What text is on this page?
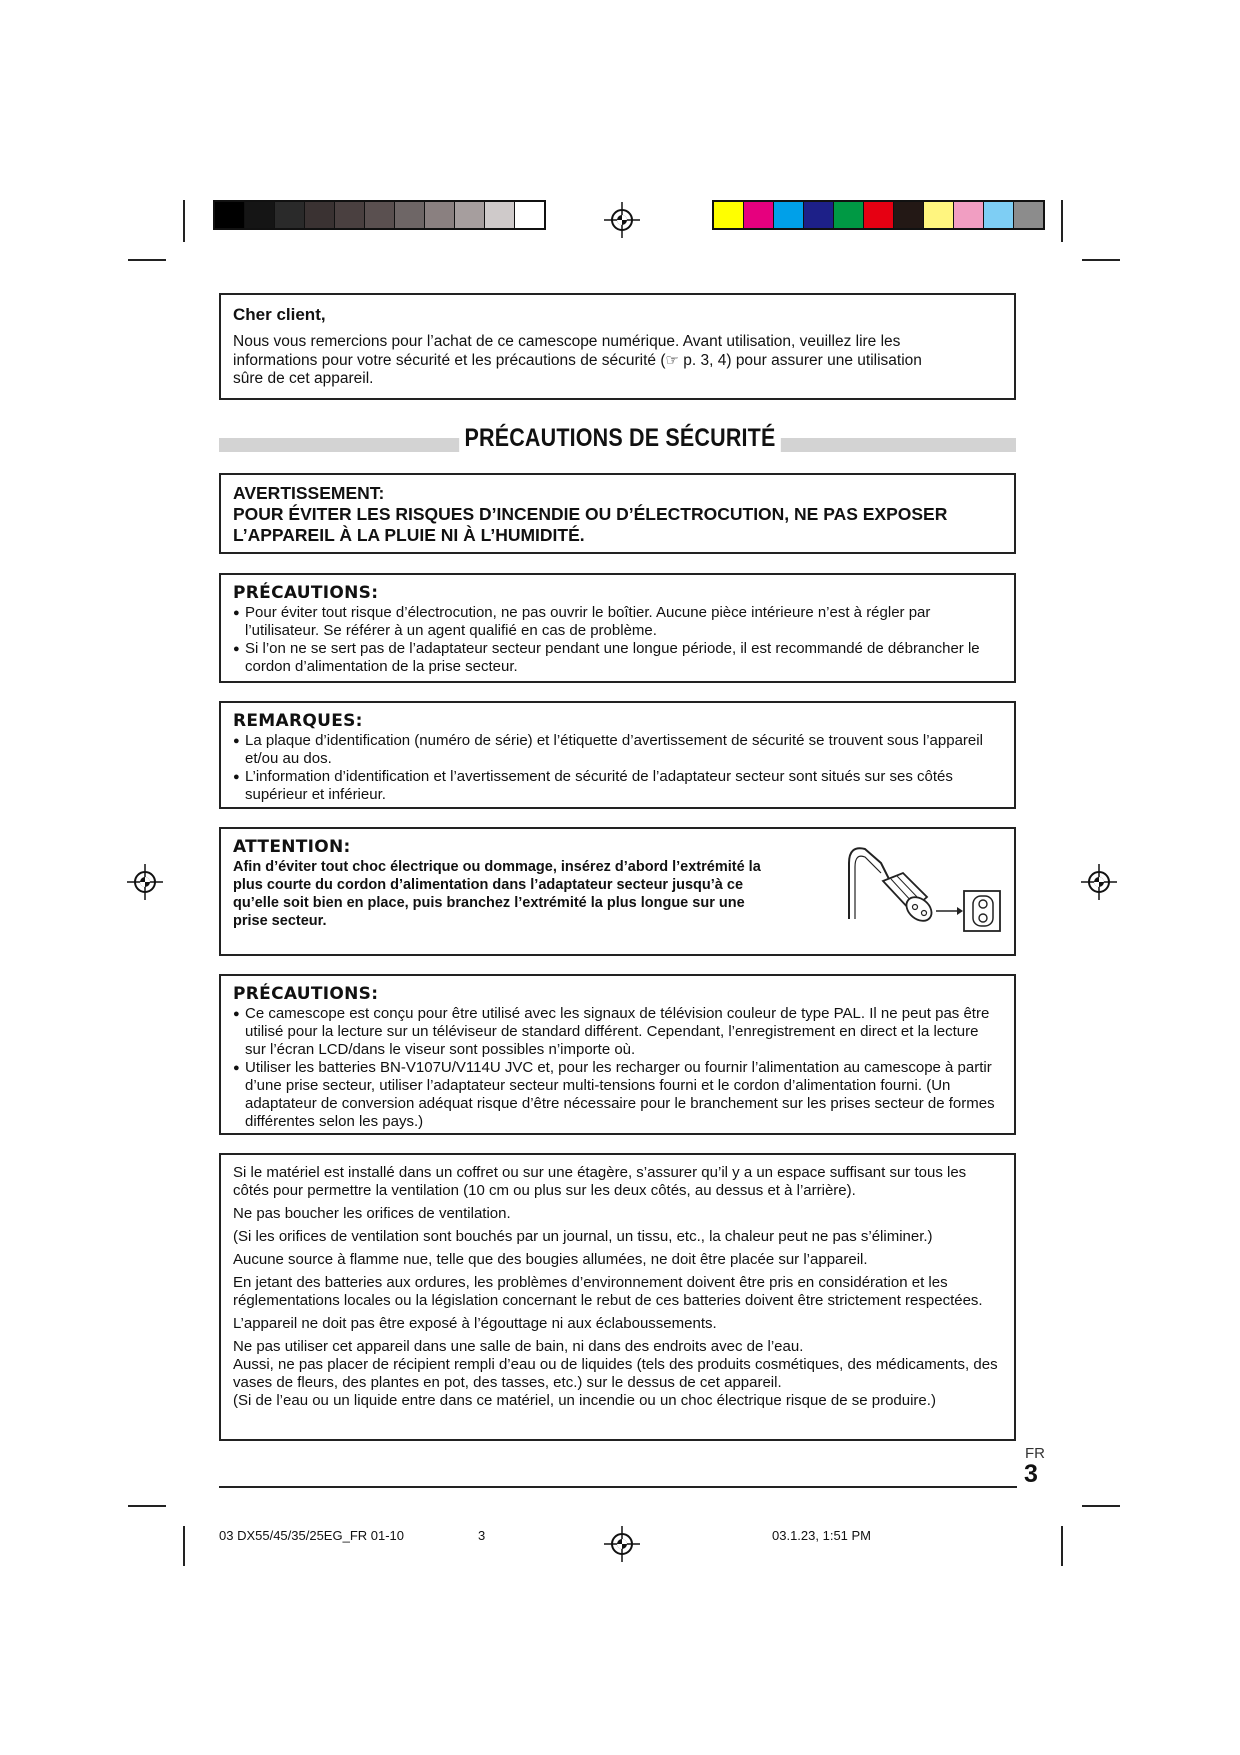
Cher client,

Nous vous remercions pour l’achat de ce camescope numérique. Avant utilisation, veuillez lire les
informations pour votre sécurité et les précautions de sécurité (☞ p. 3, 4) pour assurer une utilisation
sûre de cet appareil.

PRÉCAUTIONS DE SÉCURITÉ

AVERTISSEMENT:

POUR ÉVITER LES RISQUES D’INCENDIE OU D’ÉLECTROCUTION, NE PAS EXPOSER

L’APPAREIL À LA PLUIE NI À L’HUMIDITÉ.

PRÉCAUTIONS:

● Pour éviter tout risque d’électrocution, ne pas ouvrir le boîtier. Aucune pièce intérieure n’est à régler par l’utilisateur. Se référer à un agent qualifié en cas de problème.
● Si l’on ne se sert pas de l’adaptateur secteur pendant une longue période, il est recommandé de débrancher le cordon d’alimentation de la prise secteur.

REMARQUES:

● La plaque d’identification (numéro de série) et l’étiquette d’avertissement de sécurité se trouvent sous l’appareil et/ou au dos.
● L’information d’identification et l’avertissement de sécurité de l’adaptateur secteur sont situés sur ses côtés supérieur et inférieur.

ATTENTION:

Afin d’éviter tout choc électrique ou dommage, insérez d’abord l’extrémité la
plus courte du cordon d’alimentation dans l’adaptateur secteur jusqu’à ce
qu’elle soit bien en place, puis branchez l’extrémité la plus longue sur une
prise secteur.

PRÉCAUTIONS:

● Ce camescope est conçu pour être utilisé avec les signaux de télévision couleur de type PAL. Il ne peut pas être utilisé pour la lecture sur un téléviseur de standard différent. Cependant, l’enregistrement en direct et la lecture sur l’écran LCD/dans le viseur sont possibles n’importe où.
● Utiliser les batteries BN-V107U/V114U JVC et, pour les recharger ou fournir l’alimentation au camescope à partir d’une prise secteur, utiliser l’adaptateur secteur multi-tensions fourni et le cordon d’alimentation fourni. (Un adaptateur de conversion adéquat risque d’être nécessaire pour le branchement sur les prises secteur de formes différentes selon les pays.)

Si le matériel est installé dans un coffret ou sur une étagère, s’assurer qu’il y a un espace suffisant sur tous les côtés pour permettre la ventilation (10 cm ou plus sur les deux côtés, au dessus et à l’arrière).

Ne pas boucher les orifices de ventilation.

(Si les orifices de ventilation sont bouchés par un journal, un tissu, etc., la chaleur peut ne pas s’éliminer.)

Aucune source à flamme nue, telle que des bougies allumées, ne doit être placée sur l’appareil.

En jetant des batteries aux ordures, les problèmes d’environnement doivent être pris en considération et les réglementations locales ou la législation concernant le rebut de ces batteries doivent être strictement respectées.

L’appareil ne doit pas être exposé à l’égouttage ni aux éclaboussements.

Ne pas utiliser cet appareil dans une salle de bain, ni dans des endroits avec de l’eau.

Aussi, ne pas placer de récipient rempli d’eau ou de liquides (tels des produits cosmétiques, des médicaments, des vases de fleurs, des plantes en pot, des tasses, etc.) sur le dessus de cet appareil.

(Si de l’eau ou un liquide entre dans ce matériel, un incendie ou un choc électrique risque de se produire.)

FR
3
03 DX55/45/35/25EG_FR 01-10	3	03.1.23, 1:51 PM
